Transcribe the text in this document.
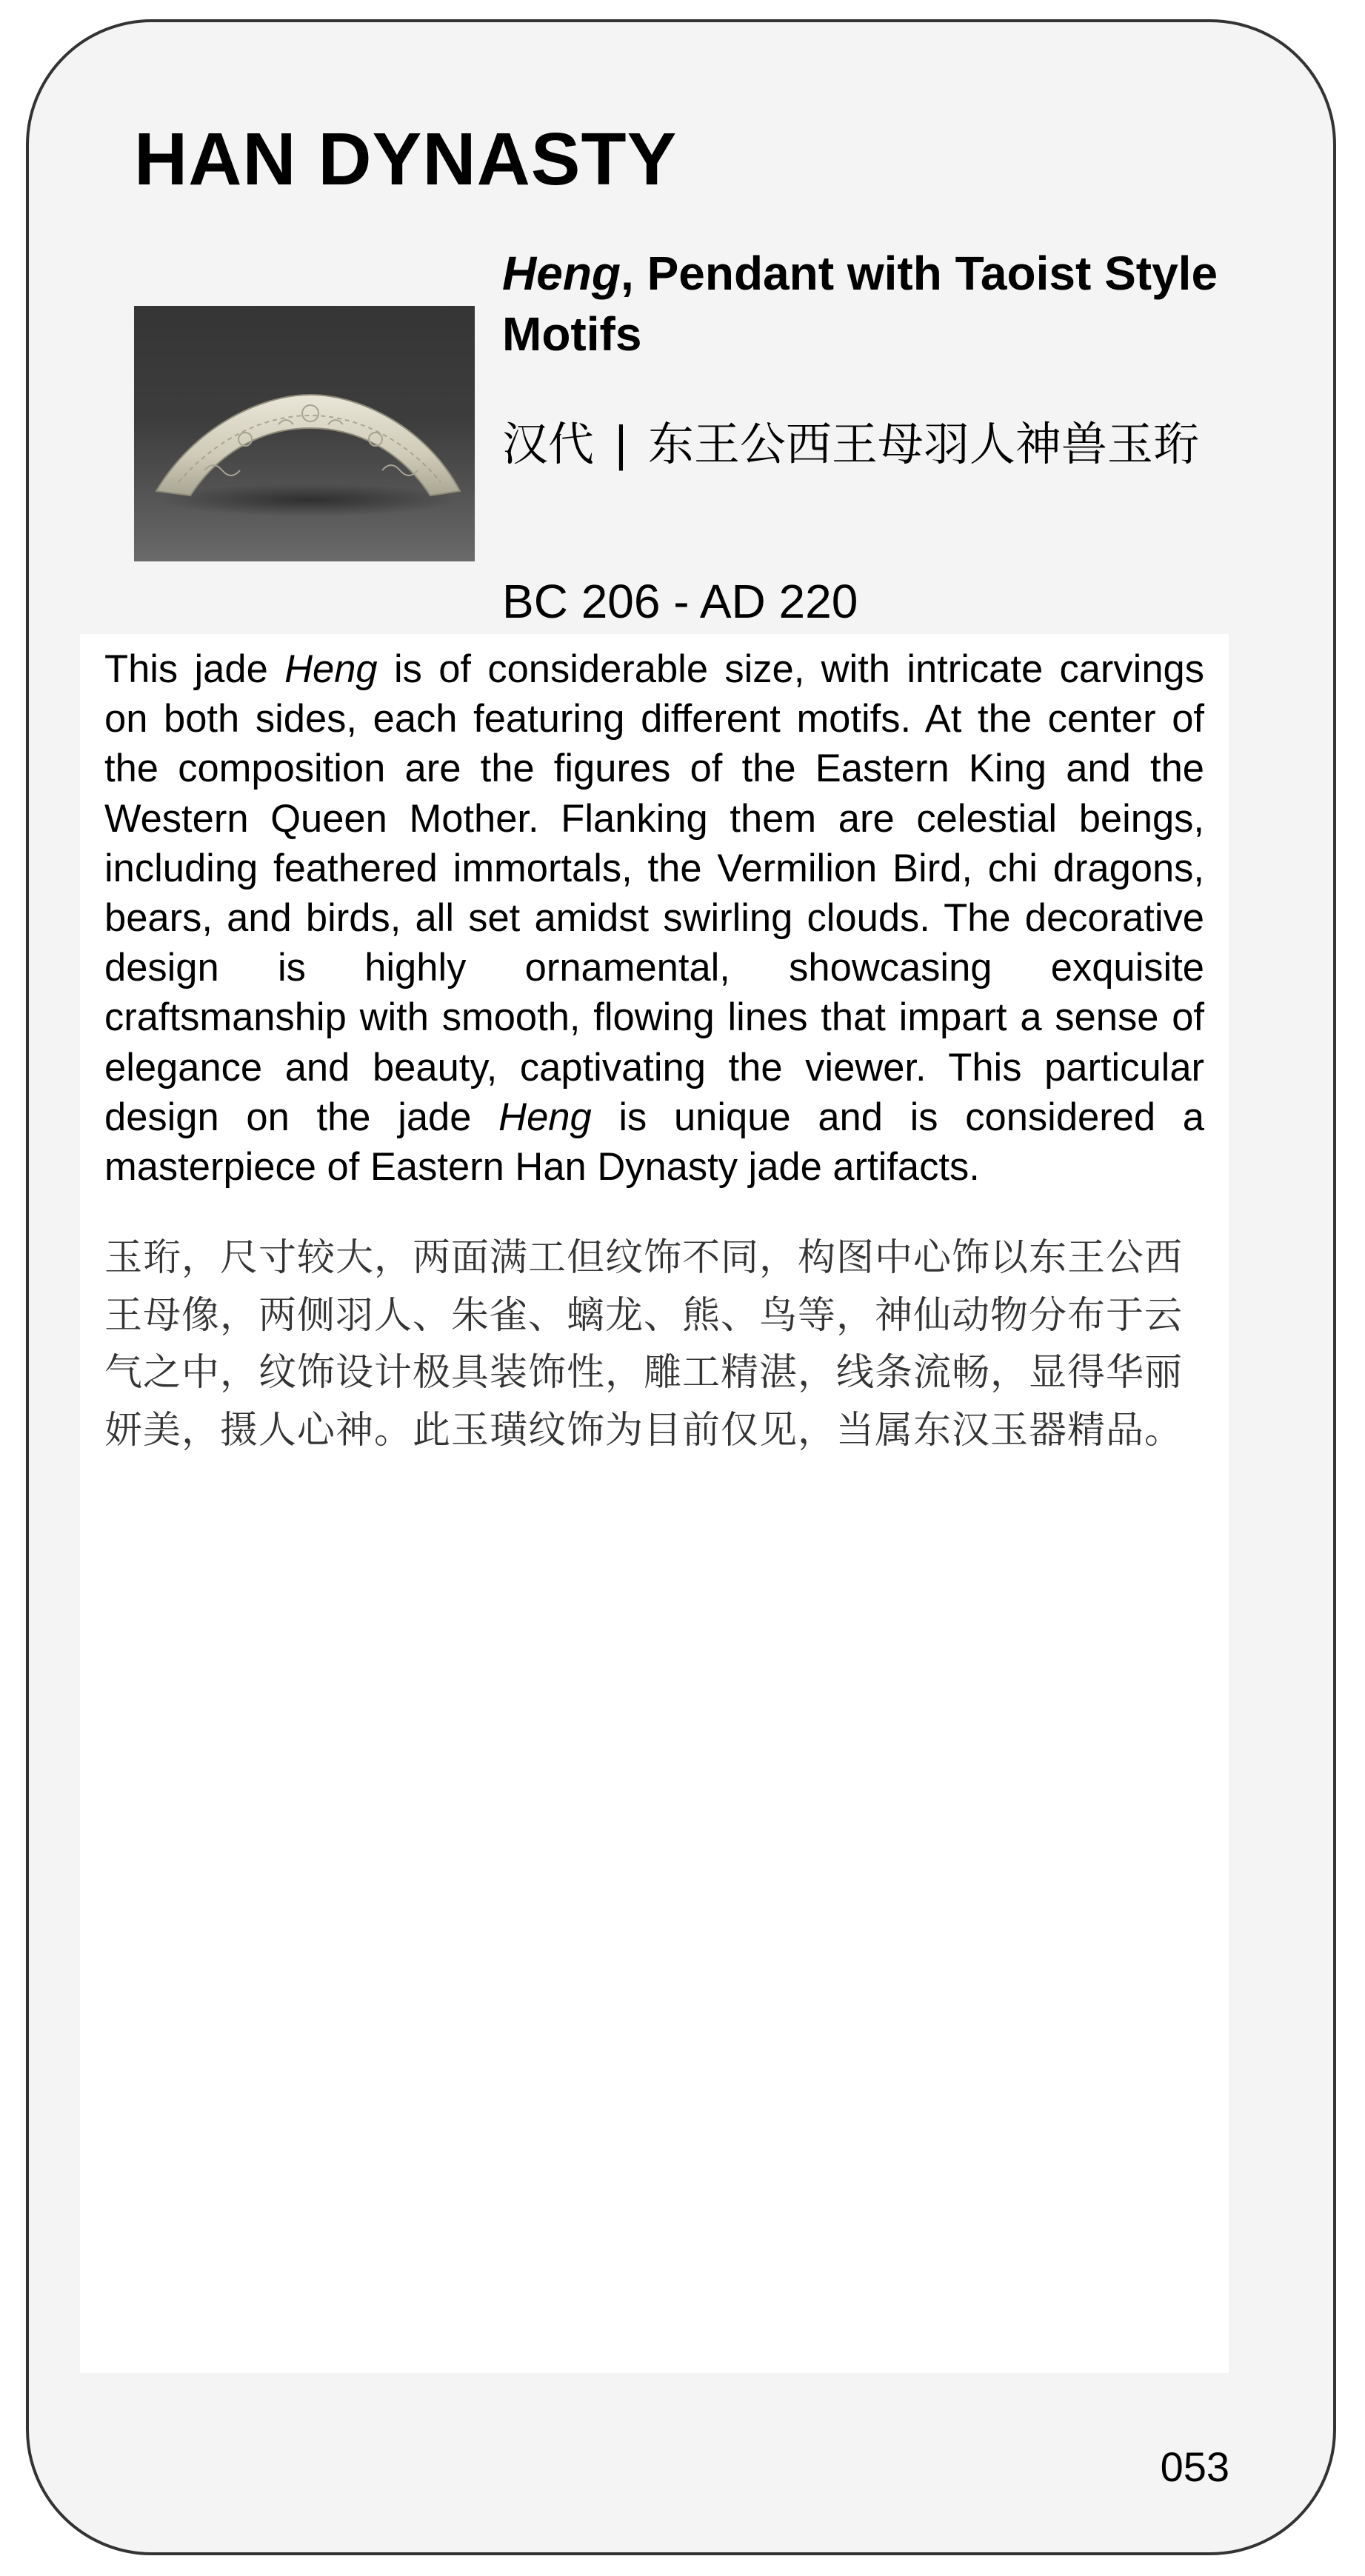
HAN DYNASTY
Heng, Pendant with Taoist Style Motifs

汉代 | 东王公西王母羽人神兽玉珩

BC 206 - AD 220

This jade Heng is of considerable size, with intricate carvings on both sides, each featuring different motifs. At the center of the composition are the figures of the Eastern King and the Western Queen Mother. Flanking them are celestial beings, including feathered immortals, the Vermilion Bird, chi dragons, bears, and birds, all set amidst swirling clouds. The decorative design is highly ornamental, showcasing exquisite craftsmanship with smooth, flowing lines that impart a sense of elegance and beauty, captivating the viewer. This particular design on the jade Heng is unique and is considered a masterpiece of Eastern Han Dynasty jade artifacts.

玉珩，尺寸较大，两面满工但纹饰不同，构图中心饰以东王公西王母像，两侧羽人、朱雀、螭龙、熊、鸟等，神仙动物分布于云气之中，纹饰设计极具装饰性，雕工精湛，线条流畅，显得华丽妍美，摄人心神。此玉璜纹饰为目前仅见，当属东汉玉器精品。

053
